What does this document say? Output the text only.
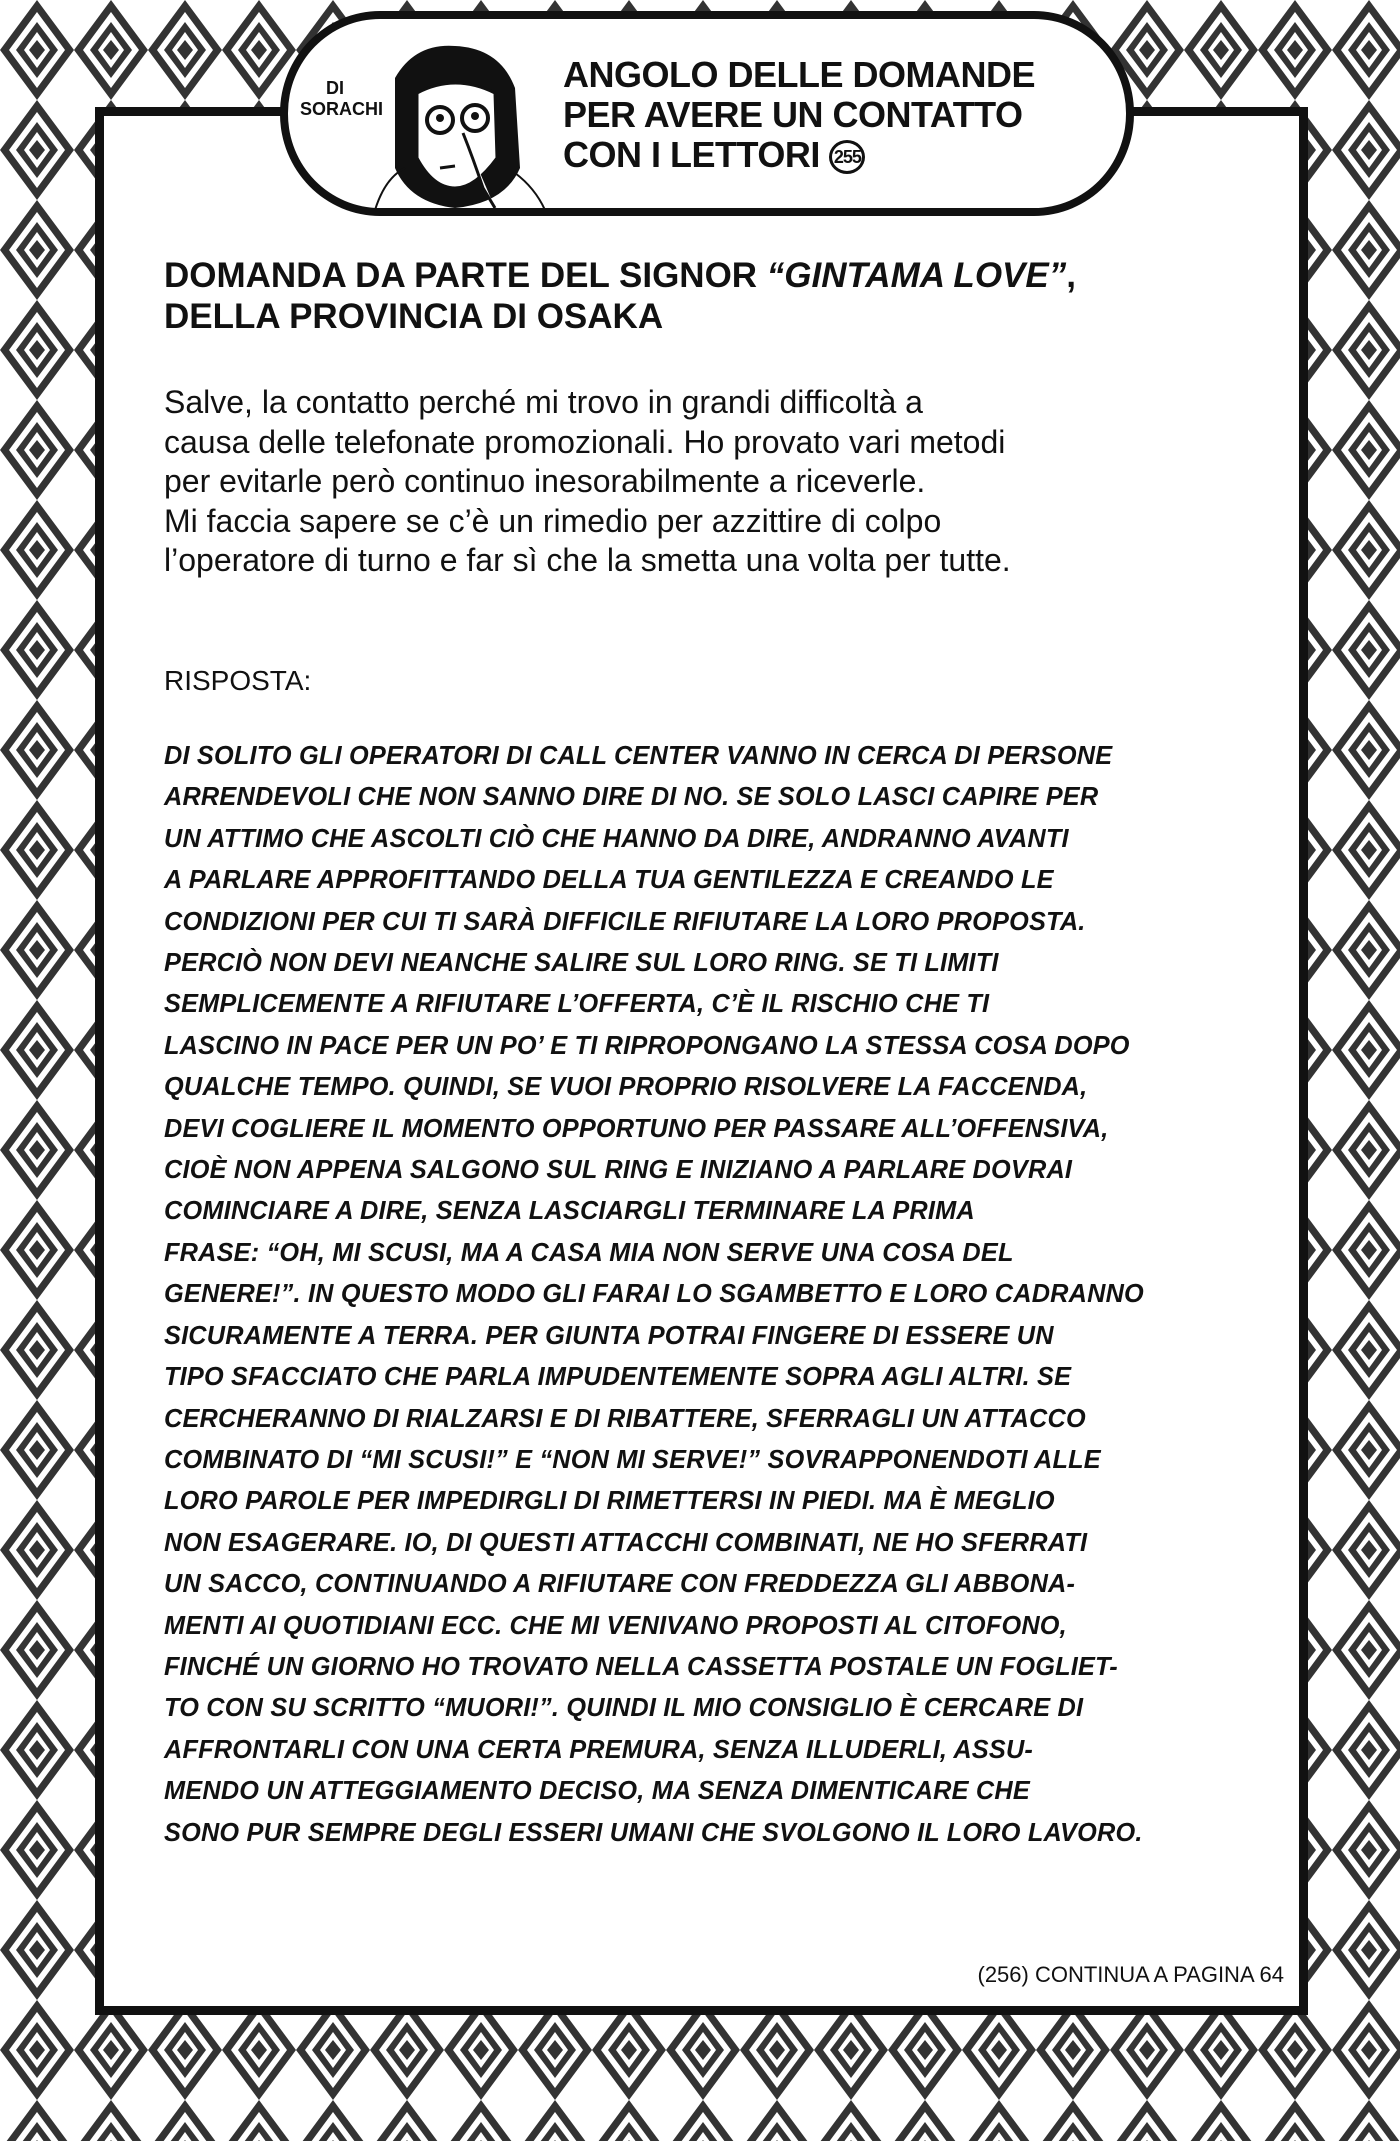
DI
SORACHI
ANGOLO DELLE DOMANDE
PER AVERE UN CONTATTO
CON I LETTORI 255
DOMANDA DA PARTE DEL SIGNOR “GINTAMA LOVE”,
DELLA PROVINCIA DI OSAKA
Salve, la contatto perché mi trovo in grandi difficoltà a
causa delle telefonate promozionali. Ho provato vari metodi
per evitarle però continuo inesorabilmente a riceverle.
Mi faccia sapere se c’è un rimedio per azzittire di colpo
l’operatore di turno e far sì che la smetta una volta per tutte.
RISPOSTA:
DI SOLITO GLI OPERATORI DI CALL CENTER VANNO IN CERCA DI PERSONE
ARRENDEVOLI CHE NON SANNO DIRE DI NO. SE SOLO LASCI CAPIRE PER
UN ATTIMO CHE ASCOLTI CIÒ CHE HANNO DA DIRE, ANDRANNO AVANTI
A PARLARE APPROFITTANDO DELLA TUA GENTILEZZA E CREANDO LE
CONDIZIONI PER CUI TI SARÀ DIFFICILE RIFIUTARE LA LORO PROPOSTA.
PERCIÒ NON DEVI NEANCHE SALIRE SUL LORO RING. SE TI LIMITI
SEMPLICEMENTE A RIFIUTARE L’OFFERTA, C’È IL RISCHIO CHE TI
LASCINO IN PACE PER UN PO’ E TI RIPROPONGANO LA STESSA COSA DOPO
QUALCHE TEMPO. QUINDI, SE VUOI PROPRIO RISOLVERE LA FACCENDA,
DEVI COGLIERE IL MOMENTO OPPORTUNO PER PASSARE ALL’OFFENSIVA,
CIOÈ NON APPENA SALGONO SUL RING E INIZIANO A PARLARE DOVRAI
COMINCIARE A DIRE, SENZA LASCIARGLI TERMINARE LA PRIMA
FRASE: “OH, MI SCUSI, MA A CASA MIA NON SERVE UNA COSA DEL
GENERE!”. IN QUESTO MODO GLI FARAI LO SGAMBETTO E LORO CADRANNO
SICURAMENTE A TERRA. PER GIUNTA POTRAI FINGERE DI ESSERE UN
TIPO SFACCIATO CHE PARLA IMPUDENTEMENTE SOPRA AGLI ALTRI. SE
CERCHERANNO DI RIALZARSI E DI RIBATTERE, SFERRAGLI UN ATTACCO
COMBINATO DI “MI SCUSI!” E “NON MI SERVE!” SOVRAPPONENDOTI ALLE
LORO PAROLE PER IMPEDIRGLI DI RIMETTERSI IN PIEDI. MA È MEGLIO
NON ESAGERARE. IO, DI QUESTI ATTACCHI COMBINATI, NE HO SFERRATI
UN SACCO, CONTINUANDO A RIFIUTARE CON FREDDEZZA GLI ABBONA-
MENTI AI QUOTIDIANI ECC. CHE MI VENIVANO PROPOSTI AL CITOFONO,
FINCHÉ UN GIORNO HO TROVATO NELLA CASSETTA POSTALE UN FOGLIET-
TO CON SU SCRITTO “MUORI!”. QUINDI IL MIO CONSIGLIO È CERCARE DI
AFFRONTARLI CON UNA CERTA PREMURA, SENZA ILLUDERLI, ASSU-
MENDO UN ATTEGGIAMENTO DECISO, MA SENZA DIMENTICARE CHE
SONO PUR SEMPRE DEGLI ESSERI UMANI CHE SVOLGONO IL LORO LAVORO.
(256) CONTINUA A PAGINA 64
